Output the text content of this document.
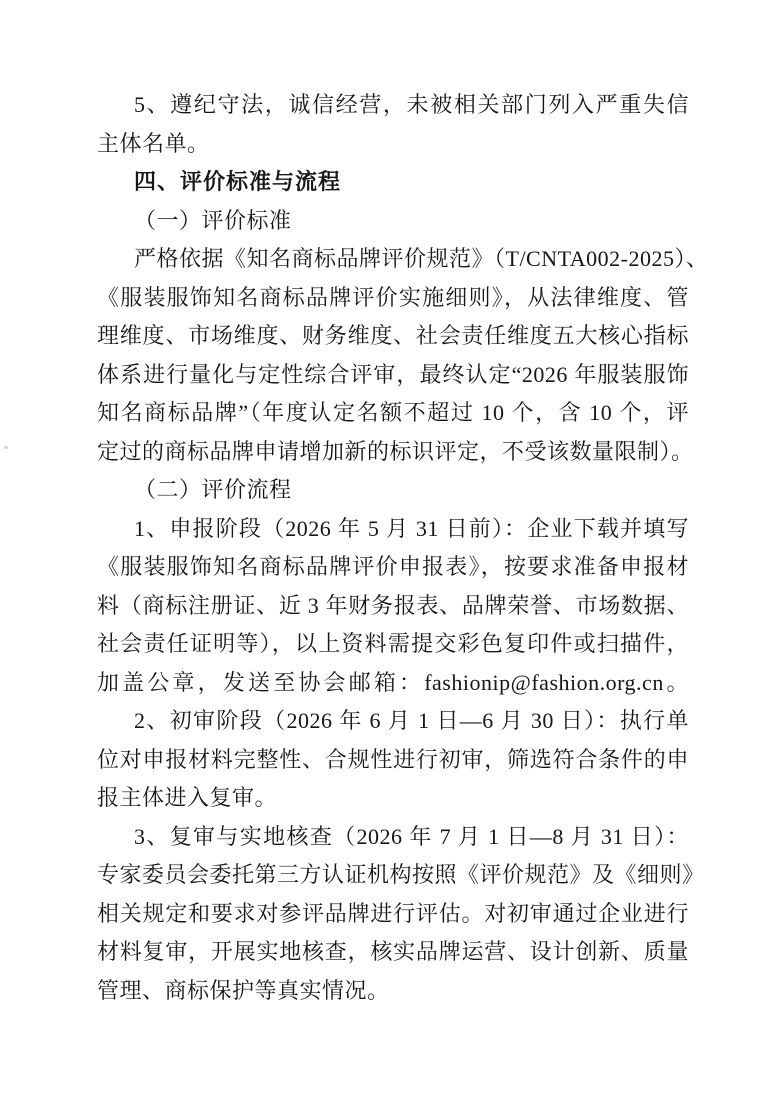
5、遵纪守法，诚信经营，未被相关部门列入严重失信
主体名单。
四、评价标准与流程
（一）评价标准
严格依据《知名商标品牌评价规范》（T/CNTA002-2025）、
《服装服饰知名商标品牌评价实施细则》，从法律维度、管
理维度、市场维度、财务维度、社会责任维度五大核心指标
体系进行量化与定性综合评审，最终认定“2026 年服装服饰
知名商标品牌”（年度认定名额不超过 10 个，含 10 个，评
定过的商标品牌申请增加新的标识评定，不受该数量限制）。
（二）评价流程
1、申报阶段（2026 年 5 月 31 日前）：企业下载并填写
《服装服饰知名商标品牌评价申报表》，按要求准备申报材
料（商标注册证、近 3 年财务报表、品牌荣誉、市场数据、
社会责任证明等），以上资料需提交彩色复印件或扫描件，
加盖公章，发送至协会邮箱：fashionip@fashion.org.cn。
2、初审阶段（2026 年 6 月 1 日—6 月 30 日）：执行单
位对申报材料完整性、合规性进行初审，筛选符合条件的申
报主体进入复审。
3、复审与实地核查（2026 年 7 月 1 日—8 月 31 日）：
专家委员会委托第三方认证机构按照《评价规范》及《细则》
相关规定和要求对参评品牌进行评估。对初审通过企业进行
材料复审，开展实地核查，核实品牌运营、设计创新、质量
管理、商标保护等真实情况。
